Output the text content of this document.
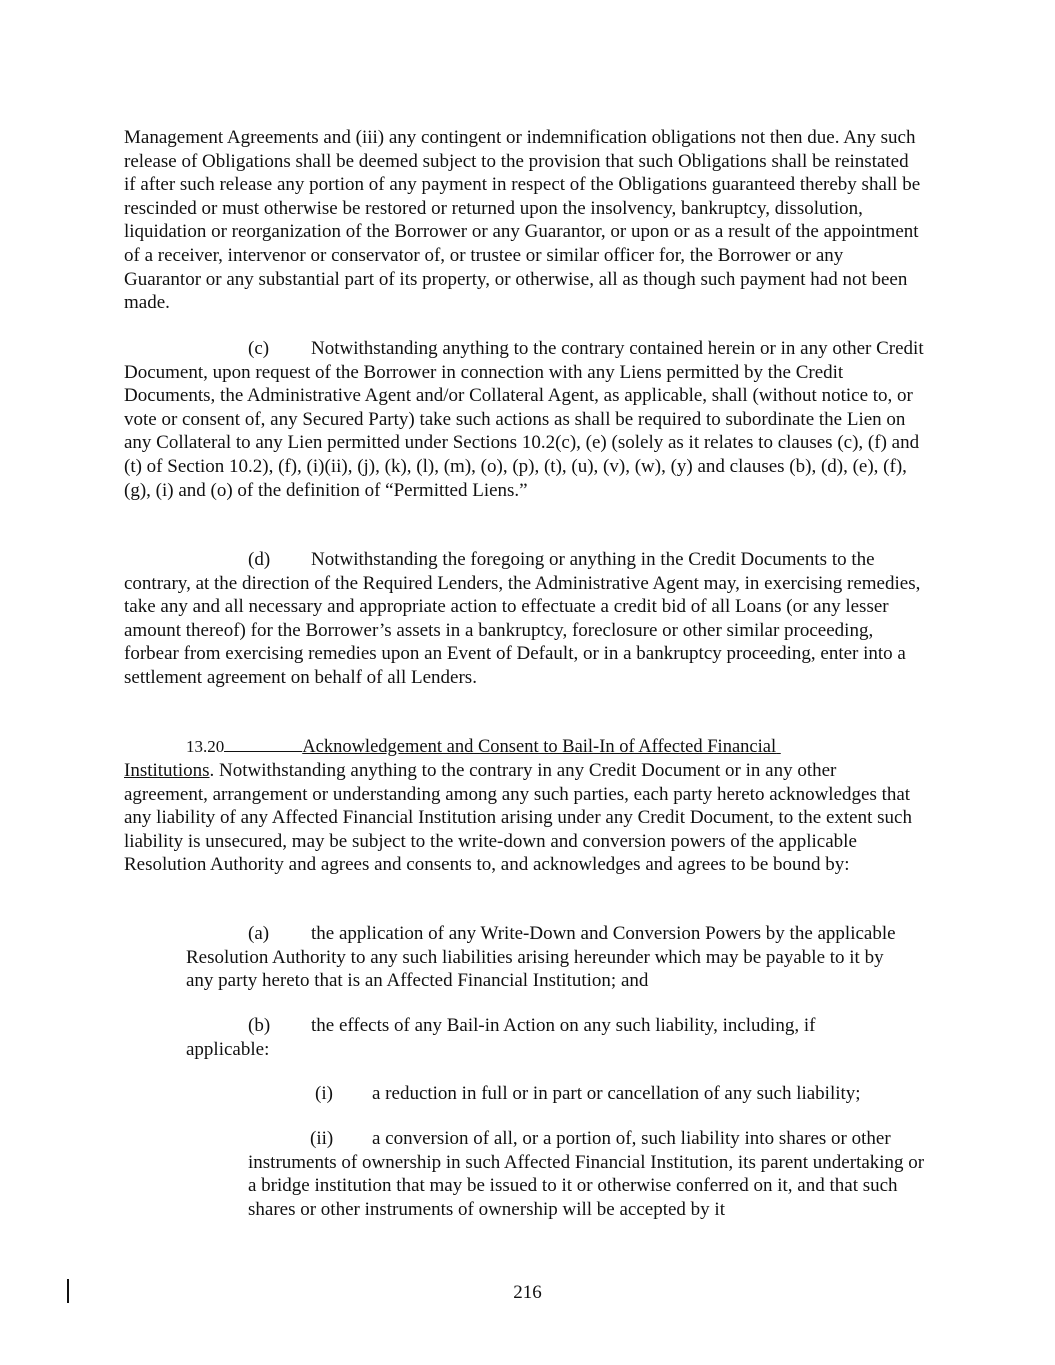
Management Agreements and (iii) any contingent or indemnification obligations not then due. Any such release of Obligations shall be deemed subject to the provision that such Obligations shall be reinstated if after such release any portion of any payment in respect of the Obligations guaranteed thereby shall be rescinded or must otherwise be restored or returned upon the insolvency, bankruptcy, dissolution, liquidation or reorganization of the Borrower or any Guarantor, or upon or as a result of the appointment of a receiver, intervenor or conservator of, or trustee or similar officer for, the Borrower or any Guarantor or any substantial part of its property, or otherwise, all as though such payment had not been made.

(c) Notwithstanding anything to the contrary contained herein or in any other Credit Document, upon request of the Borrower in connection with any Liens permitted by the Credit Documents, the Administrative Agent and/or Collateral Agent, as applicable, shall (without notice to, or vote or consent of, any Secured Party) take such actions as shall be required to subordinate the Lien on any Collateral to any Lien permitted under Sections 10.2(c), (e) (solely as it relates to clauses (c), (f) and (t) of Section 10.2), (f), (i)(ii), (j), (k), (l), (m), (o), (p), (t), (u), (v), (w), (y) and clauses (b), (d), (e), (f), (g), (i) and (o) of the definition of “Permitted Liens.”

(d) Notwithstanding the foregoing or anything in the Credit Documents to the contrary, at the direction of the Required Lenders, the Administrative Agent may, in exercising remedies, take any and all necessary and appropriate action to effectuate a credit bid of all Loans (or any lesser amount thereof) for the Borrower’s assets in a bankruptcy, foreclosure or other similar proceeding, forbear from exercising remedies upon an Event of Default, or in a bankruptcy proceeding, enter into a settlement agreement on behalf of all Lenders.

13.20	Acknowledgement and Consent to Bail-In of Affected Financial

Institutions. Notwithstanding anything to the contrary in any Credit Document or in any other agreement, arrangement or understanding among any such parties, each party hereto acknowledges that any liability of any Affected Financial Institution arising under any Credit Document, to the extent such liability is unsecured, may be subject to the write-down and conversion powers of the applicable Resolution Authority and agrees and consents to, and acknowledges and agrees to be bound by:

(a) the application of any Write-Down and Conversion Powers by the applicable Resolution Authority to any such liabilities arising hereunder which may be payable to it by any party hereto that is an Affected Financial Institution; and

(b) the effects of any Bail-in Action on any such liability, including, if applicable:

(i) a reduction in full or in part or cancellation of any such liability;

(ii) a conversion of all, or a portion of, such liability into shares or other instruments of ownership in such Affected Financial Institution, its parent undertaking or a bridge institution that may be issued to it or otherwise conferred on it, and that such shares or other instruments of ownership will be accepted by it

216
